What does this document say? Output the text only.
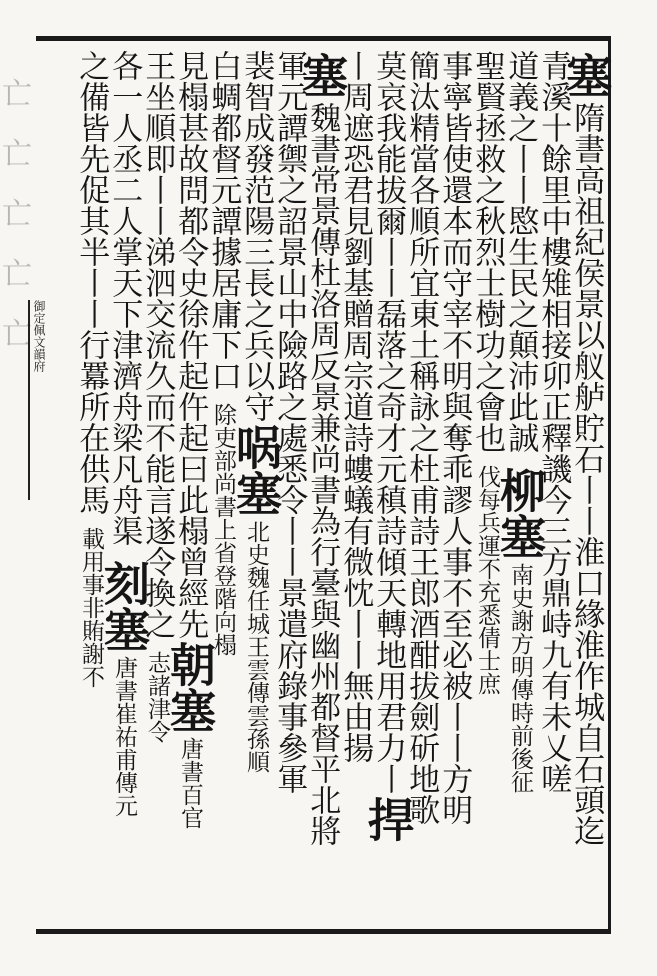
亡
亡
亡
亡
亡 御定佩文韻府
塞
隋書高祖紀侯景以舣舻貯石丨丨淮口緣淮作城自石頭迄
青溪十餘里中樓雉相接卯正釋譏今三方鼎峙九有未乂嗟
道義之丨丨愍生民之顛沛此誠
柳塞
南史謝方明傳時前後征
聖賢拯救之秋烈士樹功之會也
伐每兵運不充悉倩士庶
事寧皆使還本而守宰不明與奪乖謬人事不至必被丨丨方明
簡汰精當各順所宜東土稱詠之杜甫詩王郎酒酣拔劍斫地歌
莫哀我能拔爾丨丨磊落之奇才元稹詩傾天轉地用君力丨
捍
丨周遮恐君見劉基贈周宗道詩螻蟻有微忱丨丨無由揚
塞
魏書常景傳杜洛周反景兼尚書為行臺與幽州都督平北將
軍元譚禦之詔景山中險路之處悉令丨丨景遣府錄事參軍
裴智成發范陽三長之兵以守
㖞塞
北史魏任城王雲傳雲孫順
白蜩都督元譚據居庸下口
除吏部尚書上省登階向榻
見榻甚故問都令史徐仵起仵起曰此榻曾經先
朝塞
唐書百官
王坐順即丨丨涕泗交流久而不能言遂令換之
志諸津令
各一人丞二人掌天下津濟舟梁凡舟渠
刻塞
唐書崔祐甫傳元
之備皆先促其半丨丨行羃所在供馬
載用事非賄謝不
